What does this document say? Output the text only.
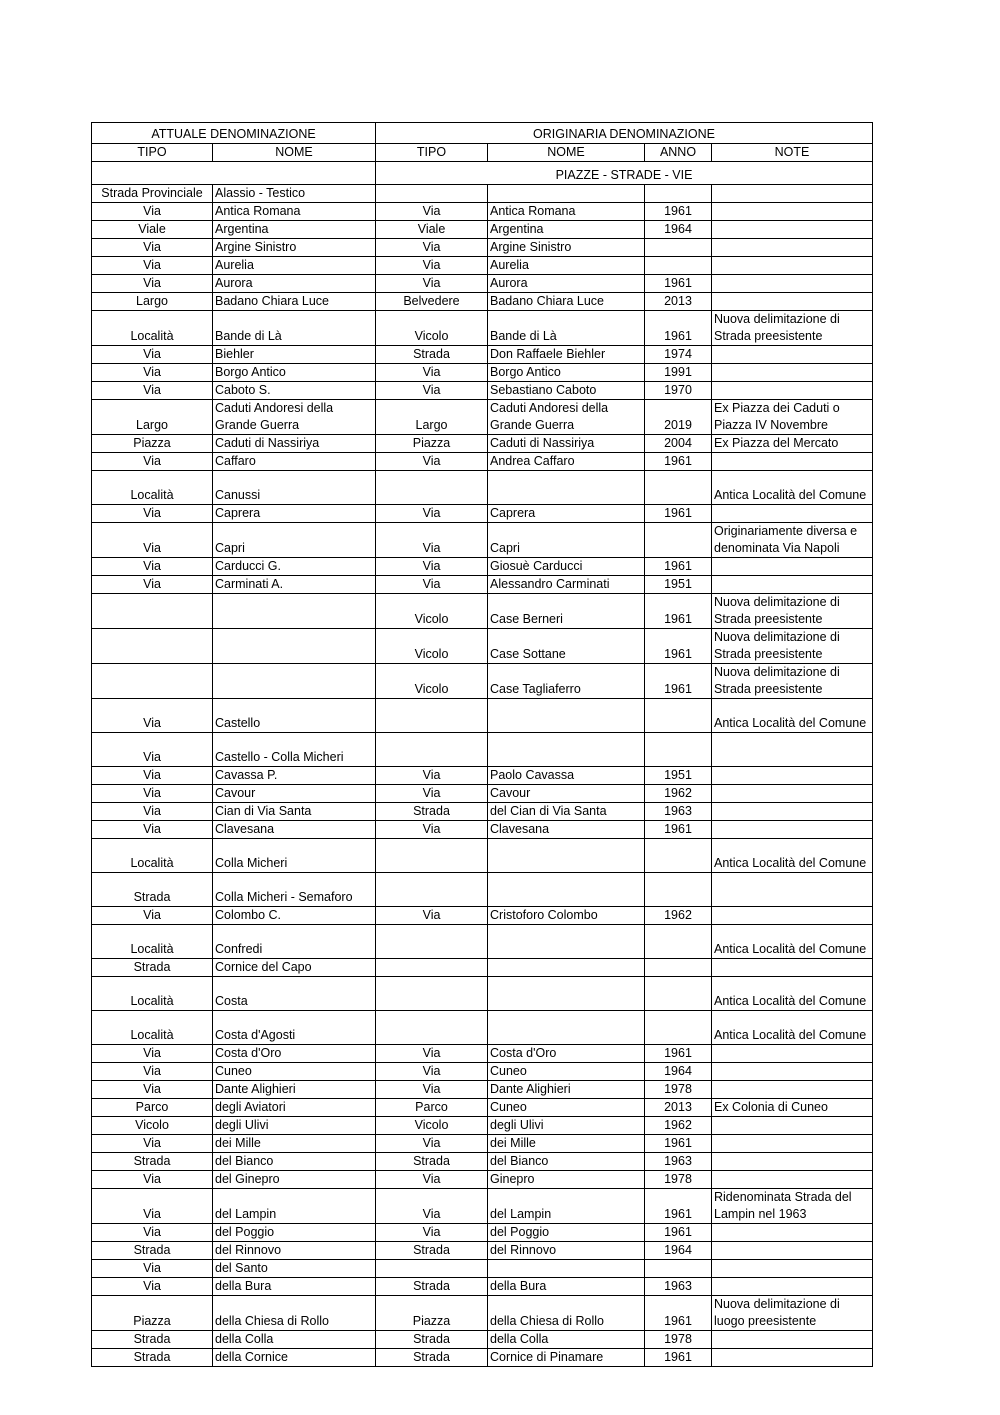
ATTUALE DENOMINAZIONE		ORIGINARIA DENOMINAZIONE			
TIPO	NOME	TIPO	NOME	ANNO	NOTE
		PIAZZE - STRADE - VIE			
Strada Provinciale	Alassio - Testico				
Via	Antica Romana	Via	Antica Romana	1961	
Viale	Argentina	Viale	Argentina	1964	
Via	Argine Sinistro	Via	Argine Sinistro		
Via	Aurelia	Via	Aurelia		
Via	Aurora	Via	Aurora	1961	
Largo	Badano Chiara Luce	Belvedere	Badano Chiara Luce	2013	
Località	Bande di Là	Vicolo	Bande di Là	1961	Nuova delimitazione di Strada preesistente
Via	Biehler	Strada	Don Raffaele Biehler	1974	
Via	Borgo Antico	Via	Borgo Antico	1991	
Via	Caboto S.	Via	Sebastiano Caboto	1970	
Largo	Caduti Andoresi della Grande Guerra	Largo	Caduti Andoresi della Grande Guerra	2019	Ex Piazza dei Caduti o Piazza IV Novembre
Piazza	Caduti di Nassiriya	Piazza	Caduti di Nassiriya	2004	Ex Piazza del Mercato
Via	Caffaro	Via	Andrea Caffaro	1961	
Località	Canussi				Antica Località del Comune
Via	Caprera	Via	Caprera	1961	
Via	Capri	Via	Capri		Originariamente diversa e denominata Via Napoli
Via	Carducci G.	Via	Giosuè Carducci	1961	
Via	Carminati A.	Via	Alessandro Carminati	1951	
		Vicolo	Case Berneri	1961	Nuova delimitazione di Strada preesistente
		Vicolo	Case Sottane	1961	Nuova delimitazione di Strada preesistente
		Vicolo	Case Tagliaferro	1961	Nuova delimitazione di Strada preesistente
Via	Castello				Antica Località del Comune
Via	Castello - Colla Micheri				
Via	Cavassa P.	Via	Paolo Cavassa	1951	
Via	Cavour	Via	Cavour	1962	
Via	Cian di Via Santa	Strada	del Cian di Via Santa	1963	
Via	Clavesana	Via	Clavesana	1961	
Località	Colla Micheri				Antica Località del Comune
Strada	Colla Micheri - Semaforo				
Via	Colombo C.	Via	Cristoforo Colombo	1962	
Località	Confredi				Antica Località del Comune
Strada	Cornice del Capo				
Località	Costa				Antica Località del Comune
Località	Costa d'Agosti				Antica Località del Comune
Via	Costa d'Oro	Via	Costa d'Oro	1961	
Via	Cuneo	Via	Cuneo	1964	
Via	Dante Alighieri	Via	Dante Alighieri	1978	
Parco	degli Aviatori	Parco	Cuneo	2013	Ex Colonia di Cuneo
Vicolo	degli Ulivi	Vicolo	degli Ulivi	1962	
Via	dei Mille	Via	dei Mille	1961	
Strada	del Bianco	Strada	del Bianco	1963	
Via	del Ginepro	Via	Ginepro	1978	
Via	del Lampin	Via	del Lampin	1961	Ridenominata Strada del Lampin nel 1963
Via	del Poggio	Via	del Poggio	1961	
Strada	del Rinnovo	Strada	del Rinnovo	1964	
Via	del Santo				
Via	della Bura	Strada	della Bura	1963	
Piazza	della Chiesa di Rollo	Piazza	della Chiesa di Rollo	1961	Nuova delimitazione di luogo preesistente
Strada	della Colla	Strada	della Colla	1978	
Strada	della Cornice	Strada	Cornice di Pinamare	1961	
